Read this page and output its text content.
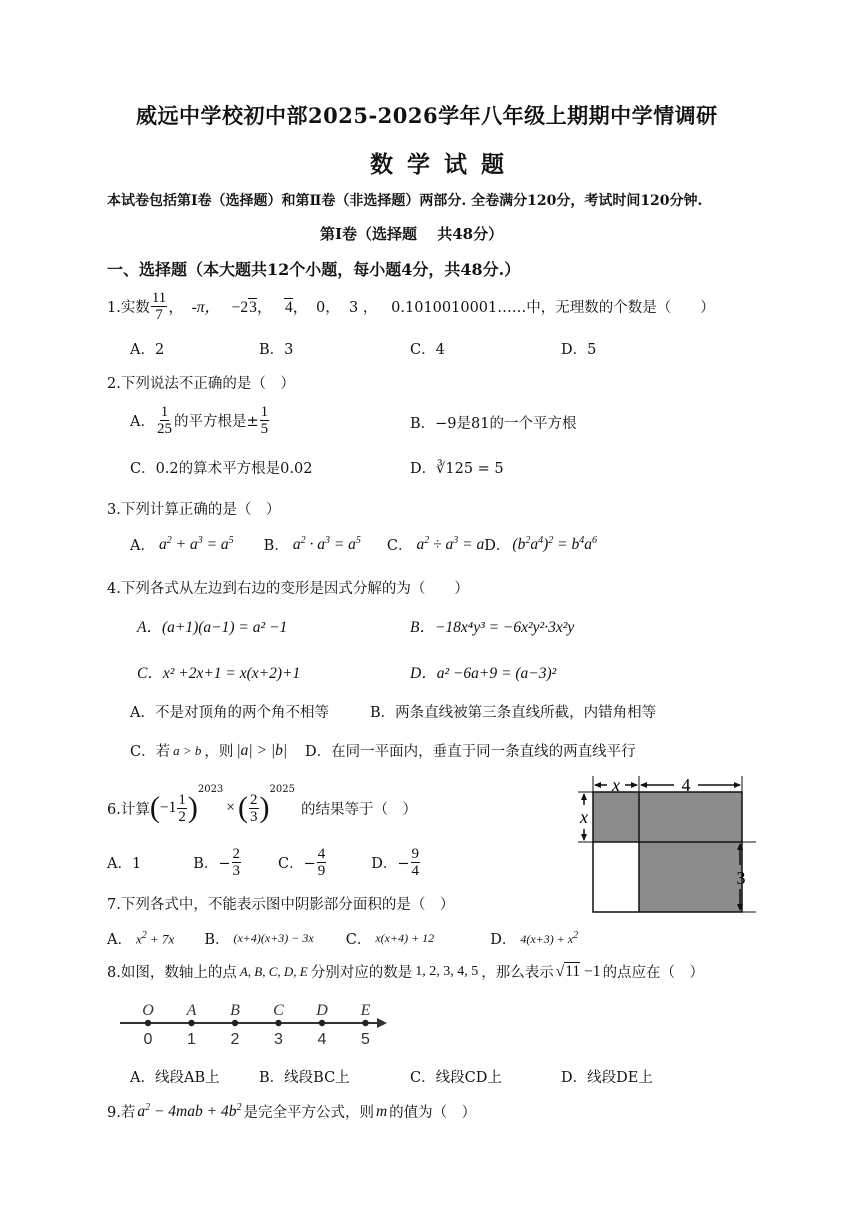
威远中学校初中部2025-2026学年八年级上期期中学情调研
数学试题
本试卷包括第Ⅰ卷（选择题）和第Ⅱ卷（非选择题）两部分. 全卷满分120分，考试时间120分钟.
第Ⅰ卷（选择题　 共48分）
一、选择题（本大题共12个小题，每小题4分，共48分.）
1.实数 $\frac{11}{7}$ ， -π， −23，   4， 0，
3 ，
0.1010010001……中，无理数的个数是（　　）
A．2	B．3	C．4	D．5
2.下列说法不正确的是（　）
A． $\frac{1}{25}$ 的平方根是± $\frac{1}{5}$	B．−9是81的一个平方根
C．0.2的算术平方根是0.02	D．∛125 = 5
3.下列计算正确的是（　）
A． $a^2 + a^3 = a^5$ B． $a^2 \cdot a^3 = a^5$ C． $a^2 \div a^3 = a$ D． $(b^2a^4)^2 = b^4a^6$
4.下列各式从左边到右边的变形是因式分解的为（　　）
A．(a+1)(a−1) = a² −1	B．−18x⁴y³ = −6x²y²·3x²y
C．x² +2x+1 = x(x+2)+1	D．a² −6a+9 = (a−3)²
A．不是对顶角的两个角不相等	B．两条直线被第三条直线所截，内错角相等
C．若 a > b ，则 |a| > |b| D．在同一平面内，垂直于同一条直线的两直线平行
6.计算 ( $-1 \frac{1}{2}$ )
$^{2023}$
× ( $\frac{2}{3}$ )
$^{2025}$
的结果等于（　）
A．1	B．− $\frac{2}{3}$	C．− $\frac{4}{9}$	D．− $\frac{9}{4}$
x	4
x
3
7.下列各式中，不能表示图中阴影部分面积的是（　）
A． $x^2 + 7x$ B． (x+4)(x+3) − 3x C． x(x+4) + 12	D． $4(x+3) + x^2$
8.如图，数轴上的点 A, B, C, D, E 分别对应的数是 1, 2, 3, 4, 5 ，那么表示 √11 −1 的点应在（　）
O
0
A
1
B
2
C
3
D
4
E
5
A．线段AB上	B．线段BC上	C．线段CD上	D．线段DE上
9.若 $a^2 - 4mab + 4b^2$ 是完全平方公式，则 m 的值为（　）
